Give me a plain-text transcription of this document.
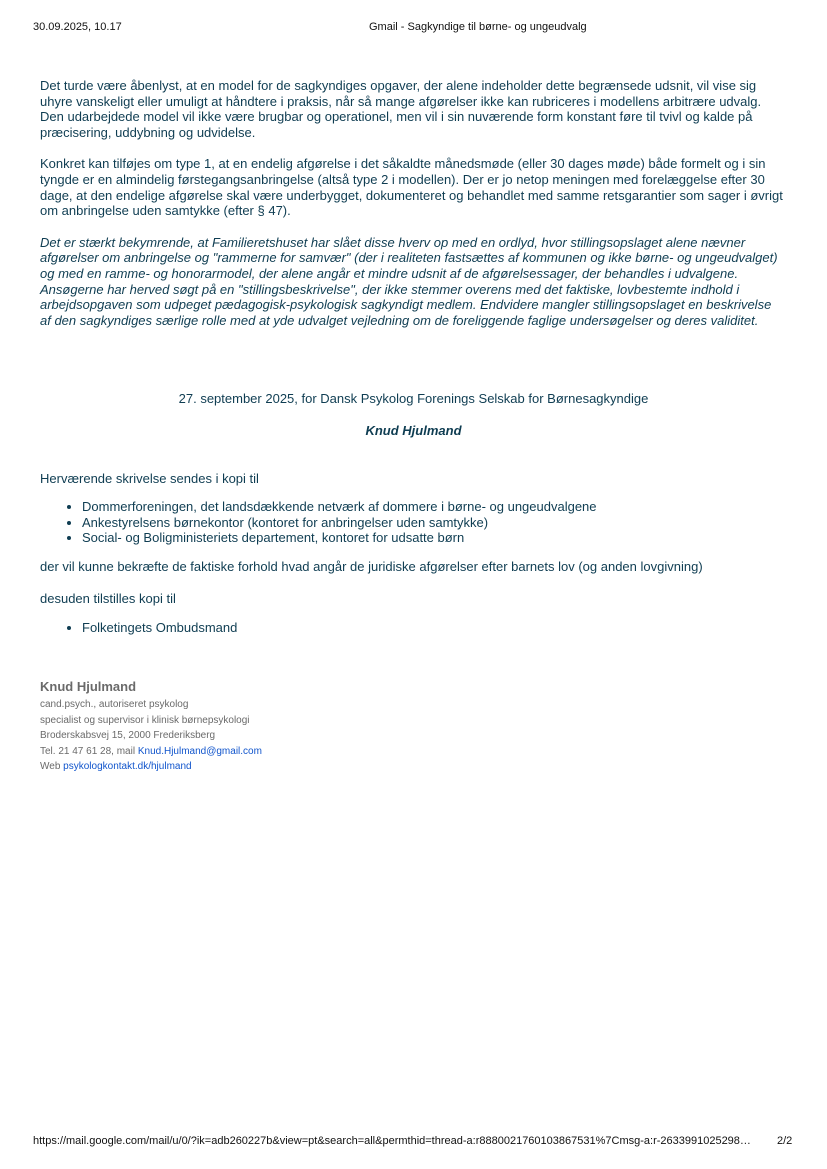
30.09.2025, 10.17	Gmail - Sagkyndige til børne- og ungeudvalg

Det turde være åbenlyst, at en model for de sagkyndiges opgaver, der alene indeholder dette begrænsede udsnit, vil vise sig uhyre vanskeligt eller umuligt at håndtere i praksis, når så mange afgørelser ikke kan rubriceres i modellens arbitrære udvalg. Den udarbejdede model vil ikke være brugbar og operationel, men vil i sin nuværende form konstant føre til tvivl og kalde på præcisering, uddybning og udvidelse.

Konkret kan tilføjes om type 1, at en endelig afgørelse i det såkaldte månedsmøde (eller 30 dages møde) både formelt og i sin tyngde er en almindelig førstegangsanbringelse (altså type 2 i modellen). Der er jo netop meningen med forelæggelse efter 30 dage, at den endelige afgørelse skal være underbygget, dokumenteret og behandlet med samme retsgarantier som sager i øvrigt om anbringelse uden samtykke (efter § 47).

Det er stærkt bekymrende, at Familieretshuset har slået disse hverv op med en ordlyd, hvor stillingsopslaget alene nævner afgørelser om anbringelse og "rammerne for samvær" (der i realiteten fastsættes af kommunen og ikke børne- og ungeudvalget) og med en ramme- og honorarmodel, der alene angår et mindre udsnit af de afgørelsessager, der behandles i udvalgene. Ansøgerne har herved søgt på en "stillingsbeskrivelse", der ikke stemmer overens med det faktiske, lovbestemte indhold i arbejdsopgaven som udpeget pædagogisk-psykologisk sagkyndigt medlem. Endvidere mangler stillingsopslaget en beskrivelse af den sagkyndiges særlige rolle med at yde udvalget vejledning om de foreliggende faglige undersøgelser og deres validitet.

27. september 2025, for Dansk Psykolog Forenings Selskab for Børnesagkyndige
Knud Hjulmand
Herværende skrivelse sendes i kopi til
• Dommerforeningen, det landsdækkende netværk af dommere i børne- og ungeudvalgene
• Ankestyrelsens børnekontor (kontoret for anbringelser uden samtykke)
• Social- og Boligministeriets departement, kontoret for udsatte børn
der vil kunne bekræfte de faktiske forhold hvad angår de juridiske afgørelser efter barnets lov (og anden lovgivning)
desuden tilstilles kopi til
• Folketingets Ombudsmand
Knud Hjulmand
cand.psych., autoriseret psykolog
specialist og supervisor i klinisk børnepsykologi
Broderskabsvej 15, 2000 Frederiksberg
Tel. 21 47 61 28, mail Knud.Hjulmand@gmail.com
Web psykologkontakt.dk/hjulmand
https://mail.google.com/mail/u/0/?ik=adb260227b&view=pt&search=all&permthid=thread-a:r8880021760103867531%7Cmsg-a:r-2633991025298…	2/2
